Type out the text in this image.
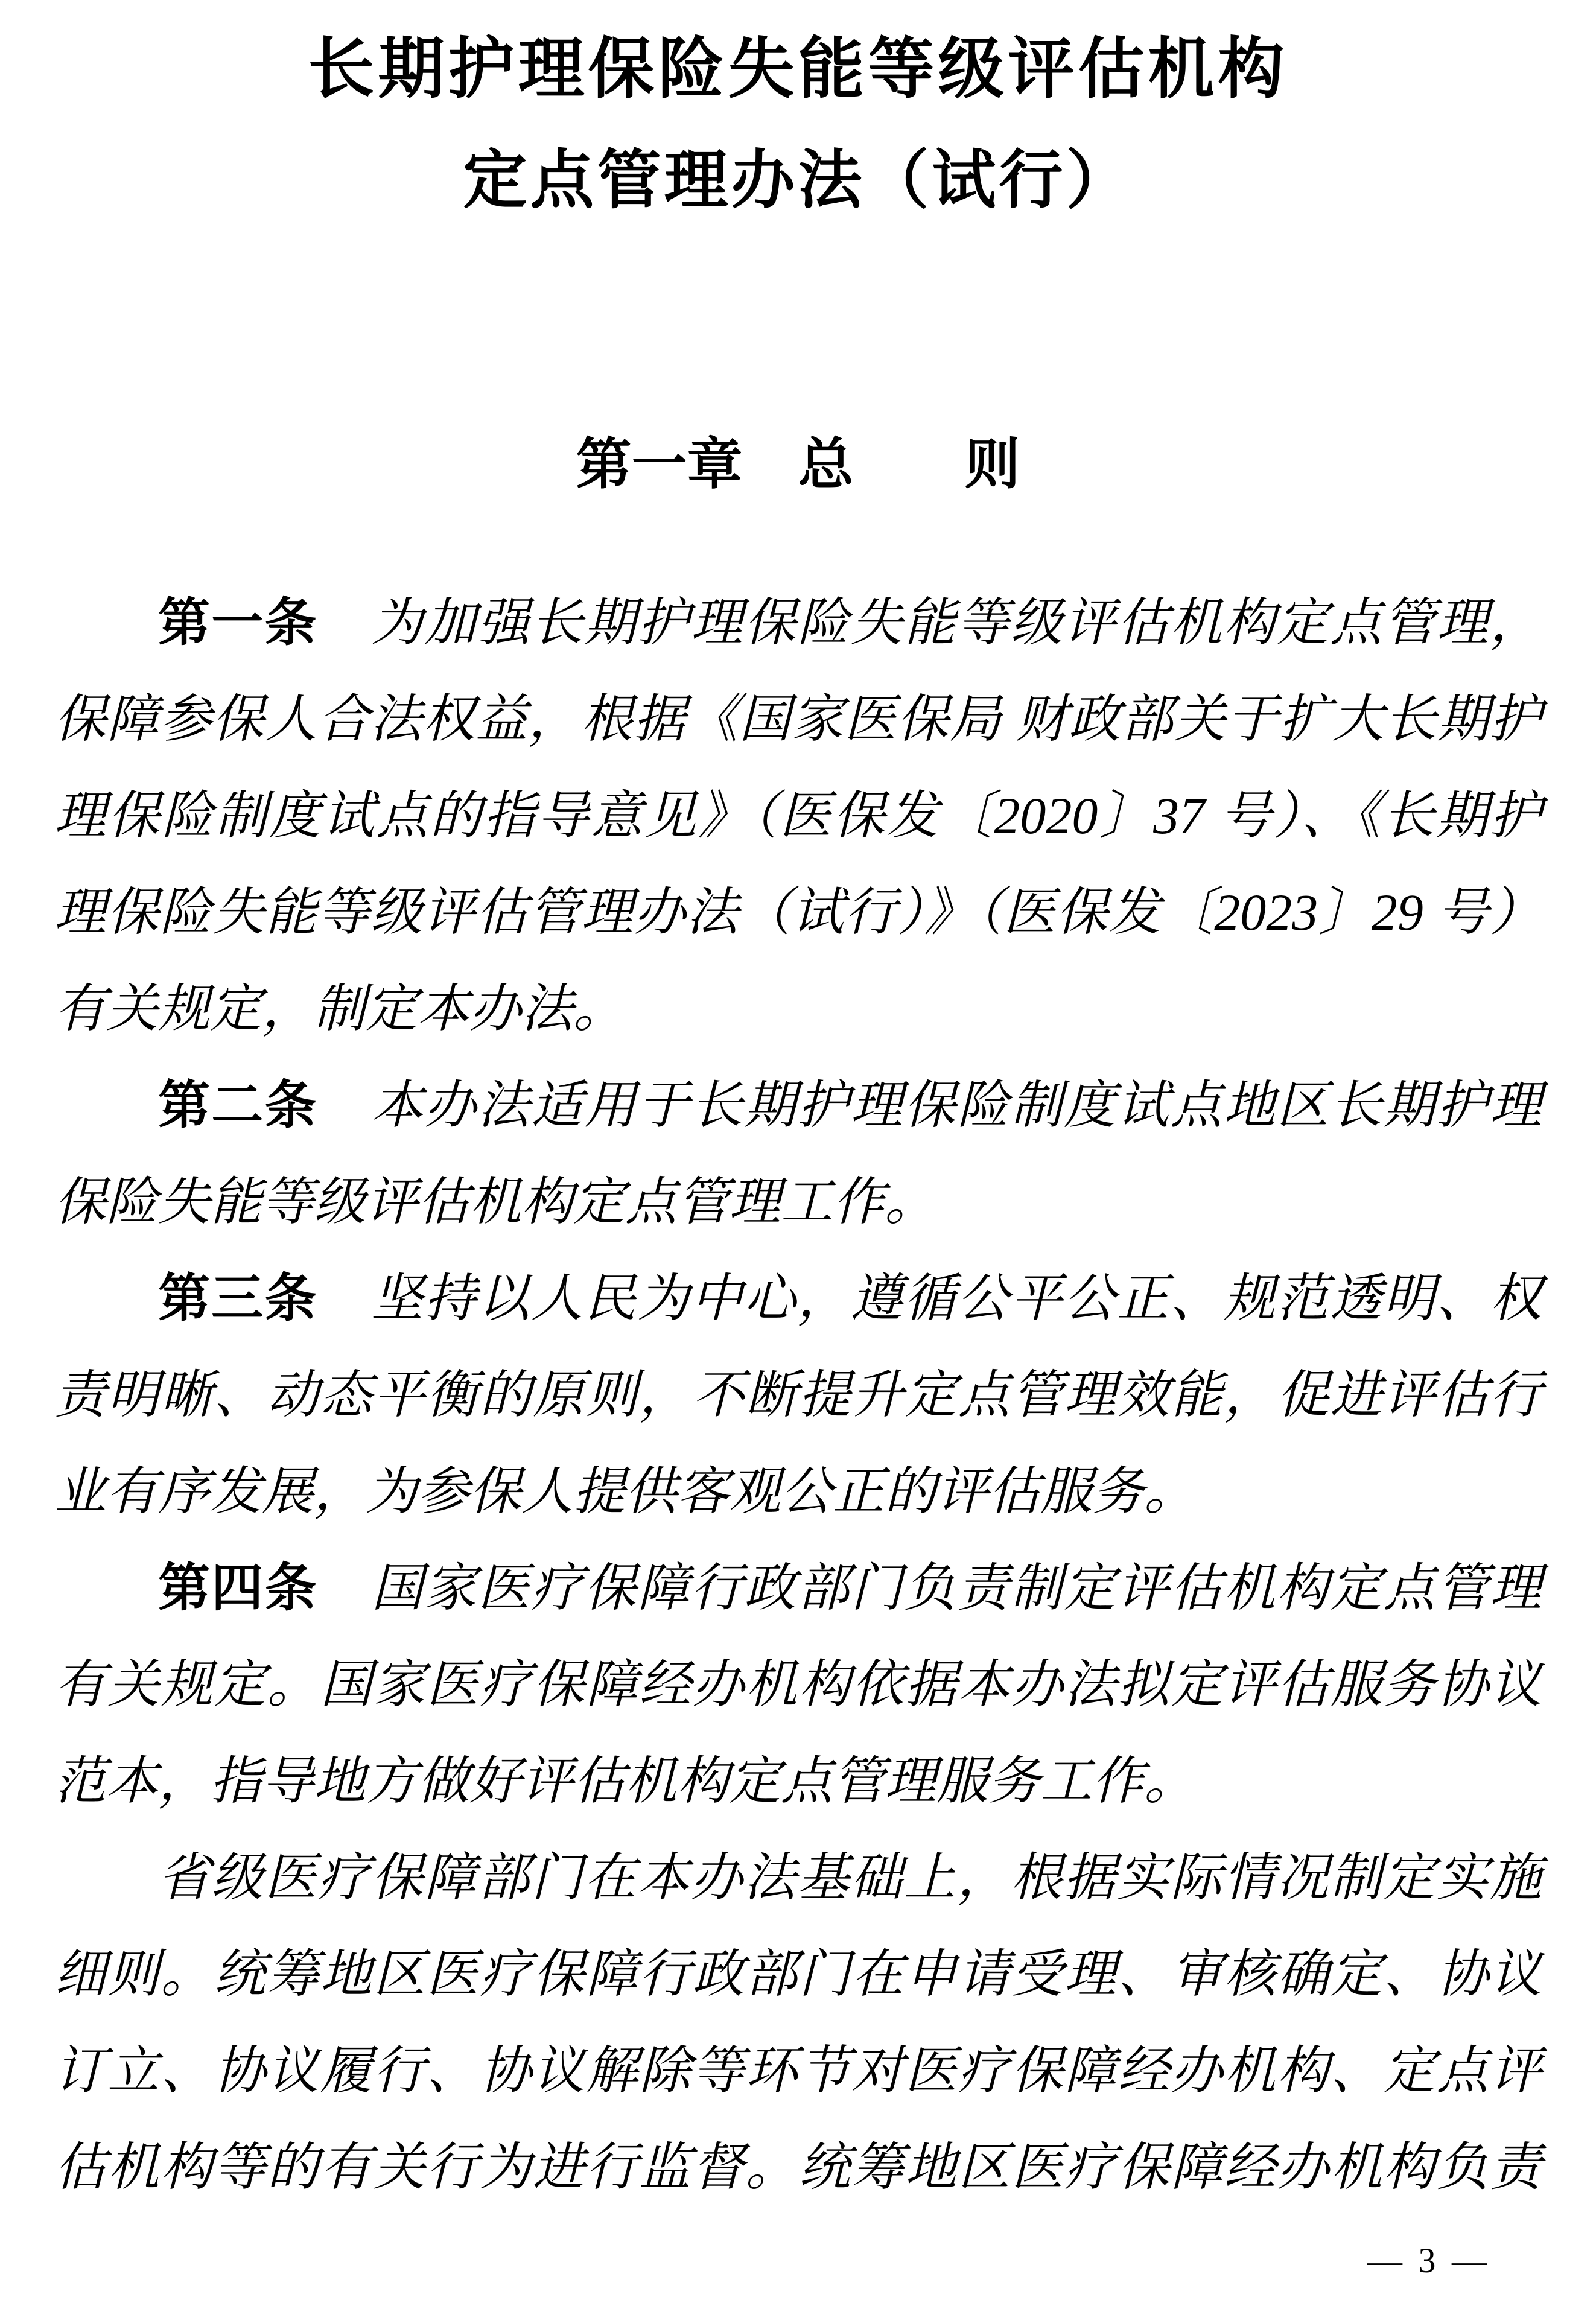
长期护理保险失能等级评估机构
定点管理办法（试行）
第一章　总　　则
第一条　为加强长期护理保险失能等级评估机构定点管理，
保障参保人合法权益，根据《国家医保局 财政部关于扩大长期护
理保险制度试点的指导意见》（医保发〔2020〕37 号）、《长期护
理保险失能等级评估管理办法（试行）》（医保发〔2023〕29 号）
有关规定，制定本办法。
第二条　本办法适用于长期护理保险制度试点地区长期护理
保险失能等级评估机构定点管理工作。
第三条　坚持以人民为中心，遵循公平公正、规范透明、权
责明晰、动态平衡的原则，不断提升定点管理效能，促进评估行
业有序发展，为参保人提供客观公正的评估服务。
第四条　国家医疗保障行政部门负责制定评估机构定点管理
有关规定。国家医疗保障经办机构依据本办法拟定评估服务协议
范本，指导地方做好评估机构定点管理服务工作。
省级医疗保障部门在本办法基础上，根据实际情况制定实施
细则。统筹地区医疗保障行政部门在申请受理、审核确定、协议
订立、协议履行、协议解除等环节对医疗保障经办机构、定点评
估机构等的有关行为进行监督。统筹地区医疗保障经办机构负责
— 3 —
